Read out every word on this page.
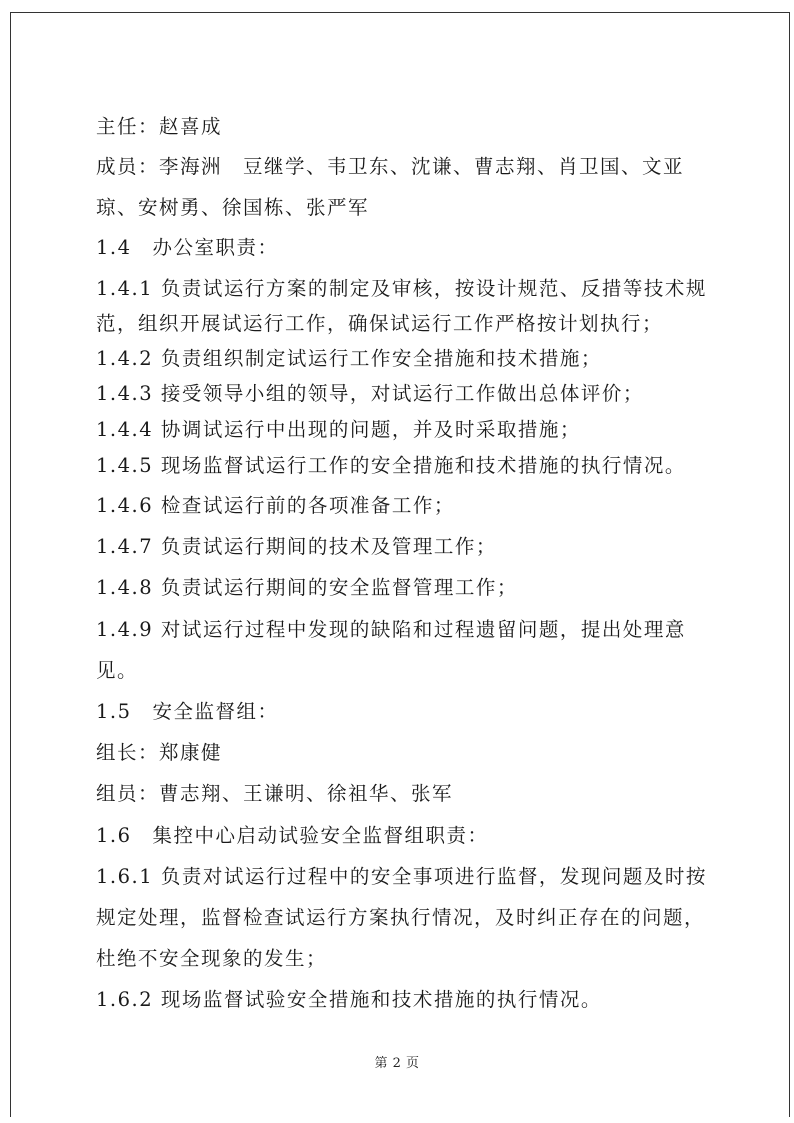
主任：赵喜成
成员：李海洲　豆继学、韦卫东、沈谦、曹志翔、肖卫国、文亚
琼、安树勇、徐国栋、张严军
1.4　办公室职责：
1.4.1 负责试运行方案的制定及审核，按设计规范、反措等技术规
范，组织开展试运行工作，确保试运行工作严格按计划执行；
1.4.2 负责组织制定试运行工作安全措施和技术措施；
1.4.3 接受领导小组的领导，对试运行工作做出总体评价；
1.4.4 协调试运行中出现的问题，并及时采取措施；
1.4.5 现场监督试运行工作的安全措施和技术措施的执行情况。
1.4.6 检查试运行前的各项准备工作；
1.4.7 负责试运行期间的技术及管理工作；
1.4.8 负责试运行期间的安全监督管理工作；
1.4.9 对试运行过程中发现的缺陷和过程遗留问题，提出处理意
见。
1.5　安全监督组：
组长：郑康健
组员：曹志翔、王谦明、徐祖华、张军
1.6　集控中心启动试验安全监督组职责：
1.6.1 负责对试运行过程中的安全事项进行监督，发现问题及时按
规定处理，监督检查试运行方案执行情况，及时纠正存在的问题，
杜绝不安全现象的发生；
1.6.2 现场监督试验安全措施和技术措施的执行情况。
第 2 页
